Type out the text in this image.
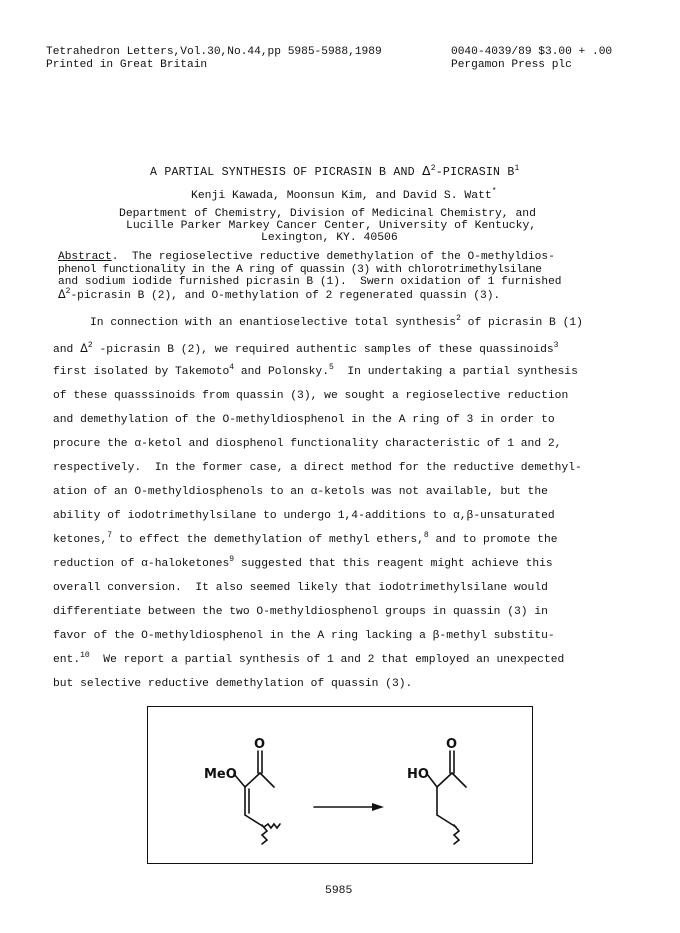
Tetrahedron Letters,Vol.30,No.44,pp 5985-5988,1989
Printed in Great Britain
0040-4039/89 $3.00 + .00
Pergamon Press plc
A PARTIAL SYNTHESIS OF PICRASIN B AND $\Delta^2$-PICRASIN $B^1$
Kenji Kawada, Moonsun Kim, and David S. Watt*
Department of Chemistry, Division of Medicinal Chemistry, and
Lucille Parker Markey Cancer Center, University of Kentucky,
Lexington, KY. 40506
Abstract.  The regioselective reductive demethylation of the O-methyldios-
phenol functionality in the A ring of quassin (3) with chlorotrimethylsilane
and sodium iodide furnished picrasin B (1).  Swern oxidation of 1 furnished
$\Delta^2$-picrasin B (2), and O-methylation of 2 regenerated quassin (3).
In connection with an enantioselective total synthesis$^2$ of picrasin B (1)
and $\Delta^2$ -picrasin B (2), we required authentic samples of these quassinoids$^3$
first isolated by Takemoto$^4$ and Polonsky.$^5$  In undertaking a partial synthesis
of these quasssinoids from quassin (3), we sought a regioselective reduction
and demethylation of the O-methyldiosphenol in the A ring of 3 in order to
procure the α-ketol and diosphenol functionality characteristic of 1 and 2,
respectively.  In the former case, a direct method for the reductive demethyl-
ation of an O-methyldiosphenols to an α-ketols was not available, but the
ability of iodotrimethylsilane to undergo 1,4-additions to α,β-unsaturated
ketones,$^7$ to effect the demethylation of methyl ethers,$^8$ and to promote the
reduction of α-haloketones$^9$ suggested that this reagent might achieve this
overall conversion.  It also seemed likely that iodotrimethylsilane would
differentiate between the two O-methyldiosphenol groups in quassin (3) in
favor of the O-methyldiosphenol in the A ring lacking a β-methyl substitu-
ent.$^{10}$  We report a partial synthesis of 1 and 2 that employed an unexpected
but selective reductive demethylation of quassin (3).
O
MeO
O
HO
5985
